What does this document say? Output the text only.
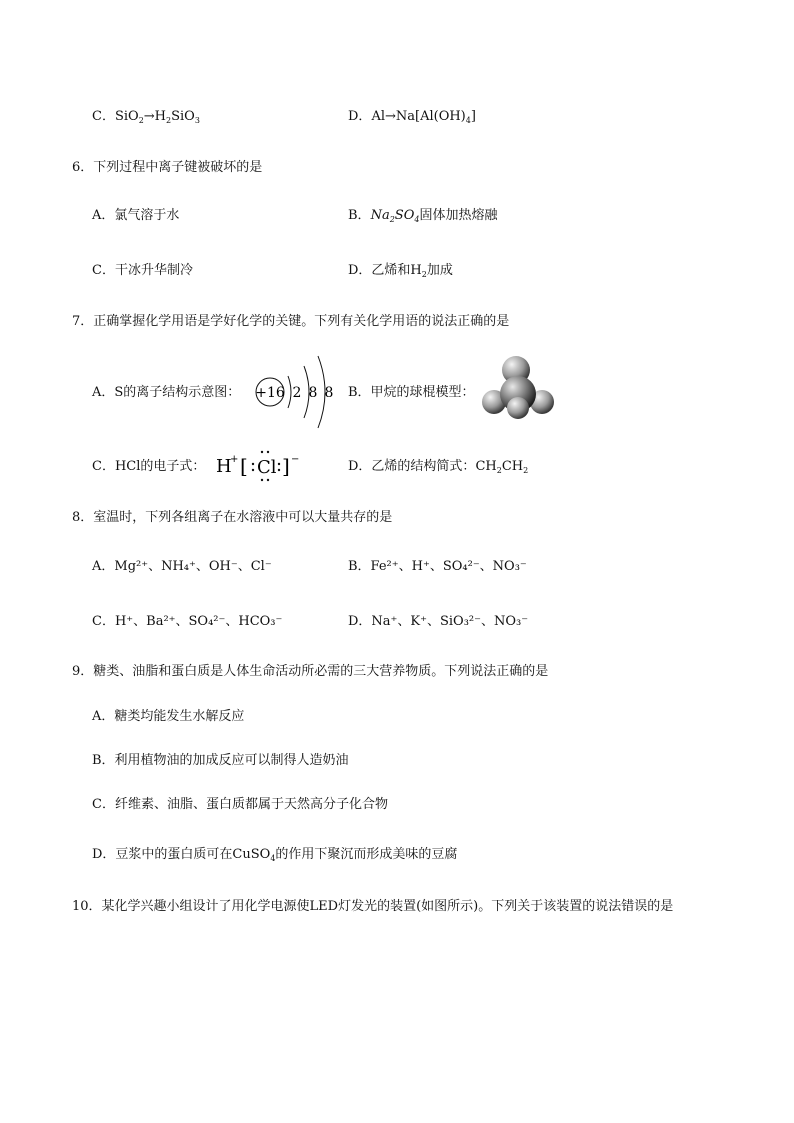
C．$SiO_2\to H_2SiO_3$	D．$Al\to Na[Al(OH)_4]$
6．下列过程中离子键被破坏的是
A．氯气溶于水	B．$Na_2SO_4$固体加热熔融
C．干冰升华制冷	D．乙烯和$H_2$加成
7．正确掌握化学用语是学好化学的关键。下列有关化学用语的说法正确的是
A．S的离子结构示意图： +16 2 8 8 B．甲烷的球棍模型：
C．HCl的电子式： H
+ [ Cl ] −	D．乙烯的结构简式：$CH_2CH_2$
8．室温时，下列各组离子在水溶液中可以大量共存的是
A．Mg²⁺、NH₄⁺、OH⁻、Cl⁻	B．Fe²⁺、H⁺、SO₄²⁻、NO₃⁻
C．H⁺、Ba²⁺、SO₄²⁻、HCO₃⁻	D．Na⁺、K⁺、SiO₃²⁻、NO₃⁻
9．糖类、油脂和蛋白质是人体生命活动所必需的三大营养物质。下列说法正确的是
A．糖类均能发生水解反应
B．利用植物油的加成反应可以制得人造奶油
C．纤维素、油脂、蛋白质都属于天然高分子化合物
D．豆浆中的蛋白质可在CuSO$_4$的作用下聚沉而形成美味的豆腐
10．某化学兴趣小组设计了用化学电源使LED灯发光的装置(如图所示)。下列关于该装置的说法错误的是
